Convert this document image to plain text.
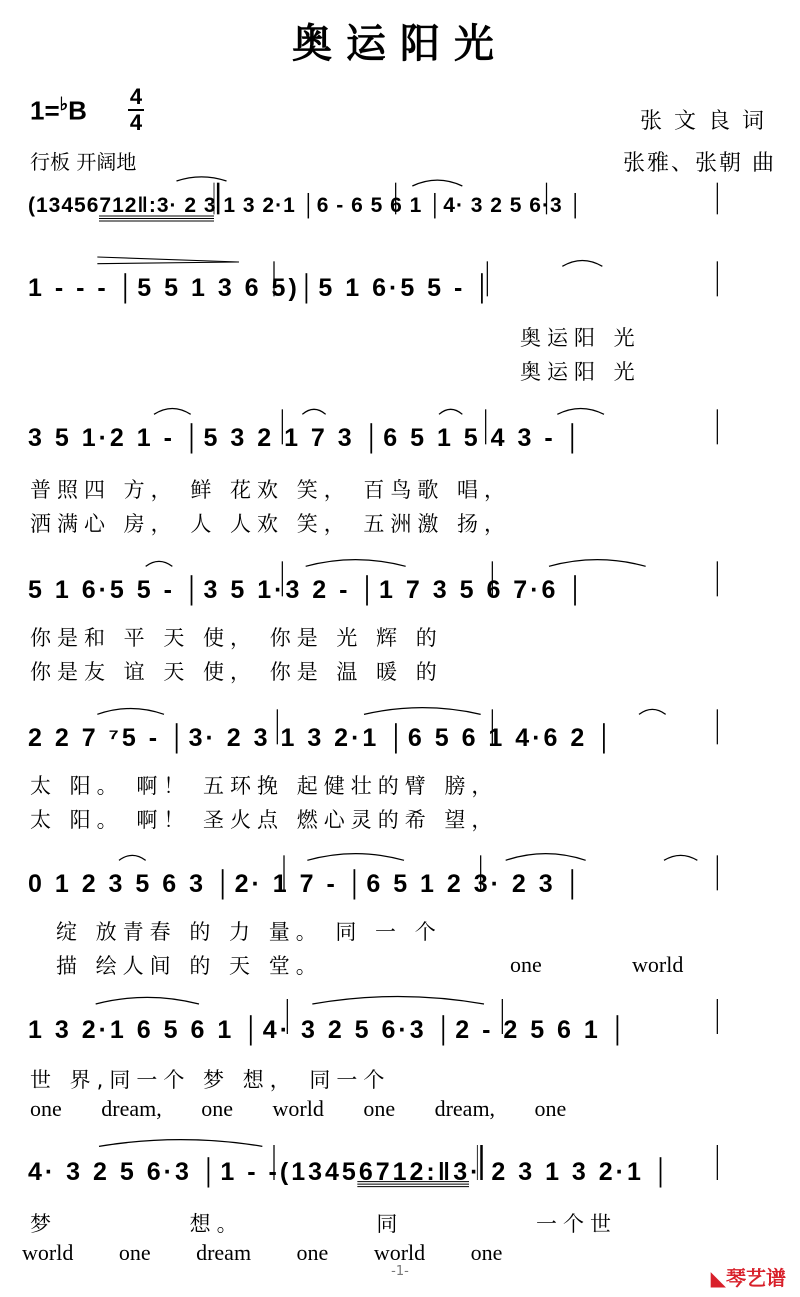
奥运阳光
1=♭B 4
4
行板 开阔地
张文良词
张雅、张朝 曲
(13456712‖:3· 2 3 1 3 2·1 │6 - 6 5 6 1 │4· 3 2 5 6·3 │
1 - - - │5 5 1 3 6 5)│5 1 6·5 5 - │
奥运阳 光
奥运阳 光
3 5 1·2 1 - │5 3 2 1 7 3 │6 5 1 5 4 3 - │
普照四 方， 鲜 花欢 笑， 百鸟歌 唱，
洒满心 房， 人 人欢 笑， 五洲激 扬，
5 1 6·5 5 - │3 5 1·3 2 - │1 7 3 5 6 7·6 │
你是和 平 天 使， 你是 光 辉 的
你是友 谊 天 使， 你是 温 暖 的
2 2 7 ⁷5 - │3· 2 3 1 3 2·1 │6 5 6 1 4·6 2 │
太 阳。 啊！ 五环挽 起健壮的臂 膀，
太 阳。 啊！ 圣火点 燃心灵的希 望，
0 1 2 3 5 6 3 │2· 1 7 - │6 5 1 2 3· 2 3 │
绽 放青春 的 力 量。 同 一 个
描 绘人间 的 天 堂。	one	world
1 3 2·1 6 5 6 1 │4· 3 2 5 6·3 │2 - 2 5 6 1 │
世 界,同一个 梦 想， 同一个
one dream, one world one dream, one
4· 3 2 5 6·3 │1 - -(13456712:‖3· 2 3 1 3 2·1 │
梦 想。 同 一个世
world one dream one world one
-1-	◣琴艺谱
